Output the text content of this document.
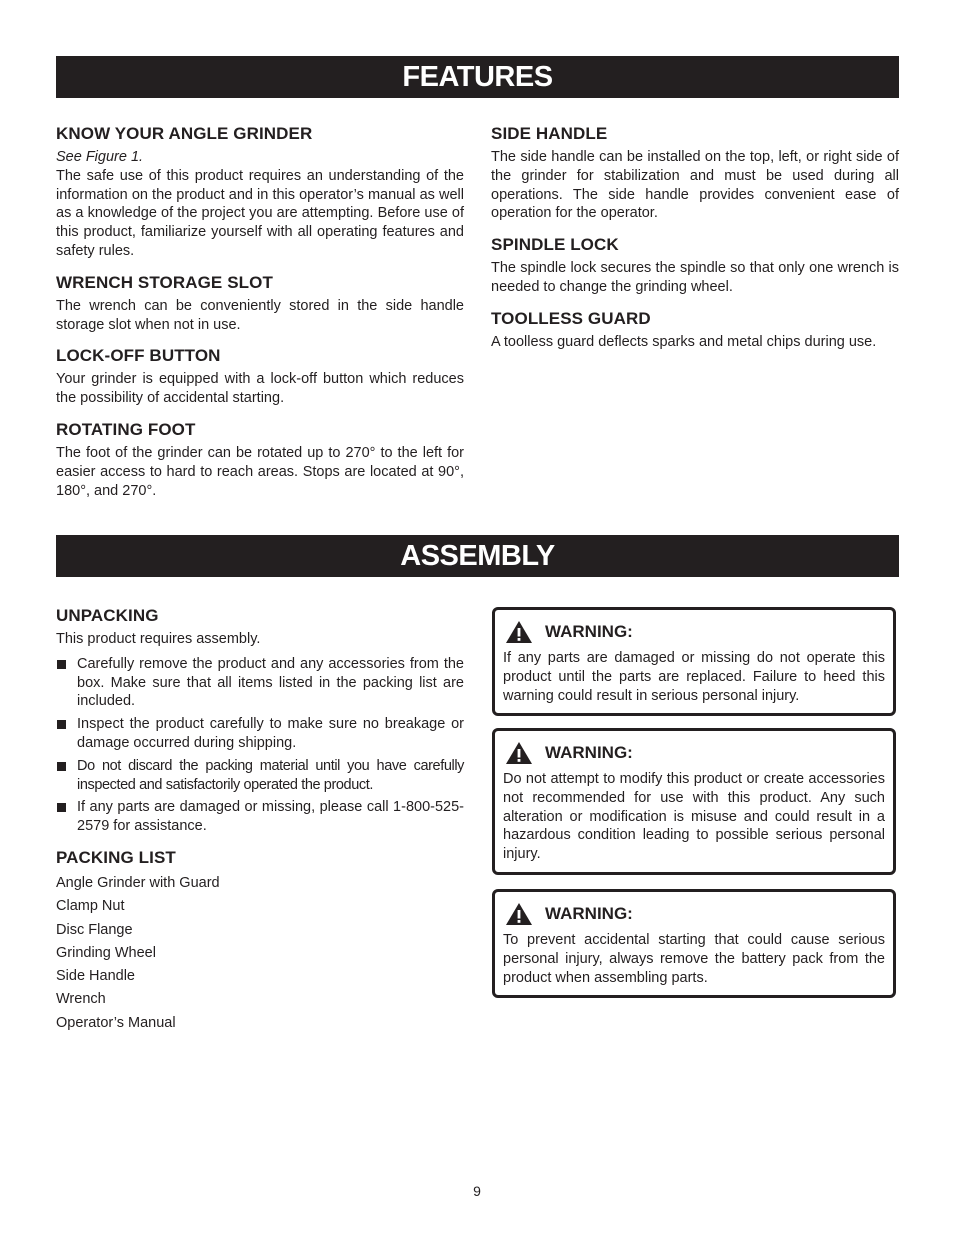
FEATURES
KNOW YOUR ANGLE GRINDER

See Figure 1.

The safe use of this product requires an understanding of the information on the product and in this operator’s manual as well as a knowledge of the project you are attempting. Before use of this product, familiarize yourself with all operating features and safety rules.

WRENCH STORAGE SLOT

The wrench can be conveniently stored in the side handle storage slot when not in use.

LOCK-OFF BUTTON

Your grinder is equipped with a lock-off button which reduces the possibility of accidental starting.

ROTATING FOOT

The foot of the grinder can be rotated up to 270° to the left for easier access to hard to reach areas. Stops are located at 90°, 180°, and 270°.

SIDE HANDLE

The side handle can be installed on the top, left, or right side of the grinder for stabilization and must be used during all operations. The side handle provides convenient ease of operation for the operator.

SPINDLE LOCK

The spindle lock secures the spindle so that only one wrench is needed to change the grinding wheel.

TOOLLESS GUARD

A toolless guard deflects sparks and metal chips during use.

ASSEMBLY
UNPACKING

This product requires assembly.

Carefully remove the product and any accessories from the box. Make sure that all items listed in the packing list are included.
Inspect the product carefully to make sure no breakage or damage occurred during shipping.
Do not discard the packing material until you have carefully inspected and satisfactorily operated the product.
If any parts are damaged or missing, please call 1-800-525-2579 for assistance.
PACKING LIST
Angle Grinder with Guard
Clamp Nut
Disc Flange
Grinding Wheel
Side Handle
Wrench
Operator’s Manual
WARNING:

If any parts are damaged or missing do not operate this product until the parts are replaced. Failure to heed this warning could result in serious personal injury.

WARNING:

Do not attempt to modify this product or create accessories not recommended for use with this product. Any such alteration or modification is misuse and could result in a hazardous condition leading to possible serious personal injury.

WARNING:

To prevent accidental starting that could cause serious personal injury, always remove the battery pack from the product when assembling parts.

9
